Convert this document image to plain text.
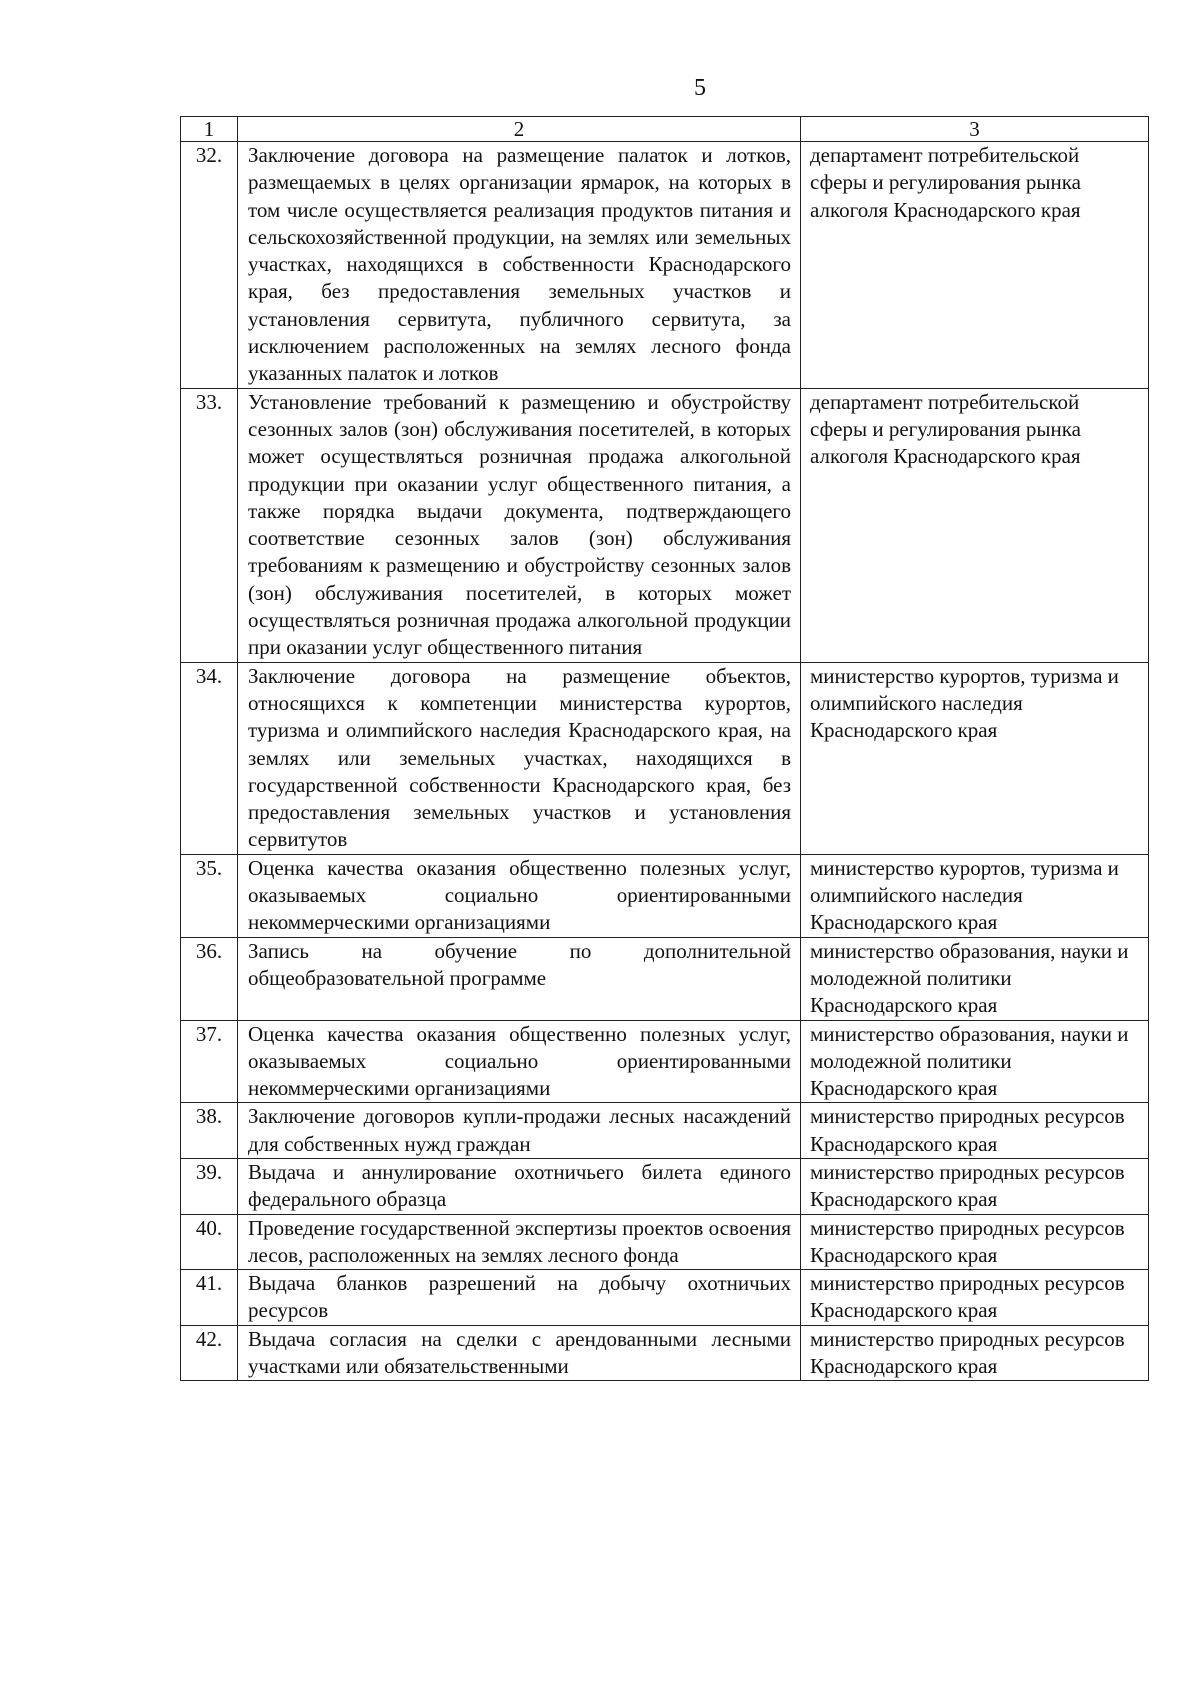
5
1	2	3
32.	Заключение договора на размещение палаток и лотков, размещаемых в целях организации ярмарок, на которых в том числе осуществляется реализация продуктов питания и сельскохозяйственной продукции, на землях или земельных участках, находящихся в собственности Краснодарского края, без предоставления земельных участков и установления сервитута, публичного сервитута, за исключением расположенных на землях лесного фонда указанных палаток и лотков	департамент потребительской сферы и регулирования рынка алкоголя Краснодарского края
33.	Установление требований к размещению и обустройству сезонных залов (зон) обслуживания посетителей, в которых может осуществляться розничная продажа алкогольной продукции при оказании услуг общественного питания, а также порядка выдачи документа, подтверждающего соответствие сезонных залов (зон) обслуживания требованиям к размещению и обустройству сезонных залов (зон) обслуживания посетителей, в которых может осуществляться розничная продажа алкогольной продукции при оказании услуг общественного питания	департамент потребительской сферы и регулирования рынка алкоголя Краснодарского края
34.	Заключение договора на размещение объектов, относящихся к компетенции министерства курортов, туризма и олимпийского наследия Краснодарского края, на землях или земельных участках, находящихся в государственной собственности Краснодарского края, без предоставления земельных участков и установления сервитутов	министерство курортов, туризма и олимпийского наследия Краснодарского края
35.	Оценка качества оказания общественно полезных услуг, оказываемых социально ориентированными некоммерческими организациями	министерство курортов, туризма и олимпийского наследия Краснодарского края
36.	Запись на обучение по дополнительной общеобразовательной программе	министерство образования, науки и молодежной политики Краснодарского края
37.	Оценка качества оказания общественно полезных услуг, оказываемых социально ориентированными некоммерческими организациями	министерство образования, науки и молодежной политики Краснодарского края
38.	Заключение договоров купли-продажи лесных насаждений для собственных нужд граждан	министерство природных ресурсов Краснодарского края
39.	Выдача и аннулирование охотничьего билета единого федерального образца	министерство природных ресурсов Краснодарского края
40.	Проведение государственной экспертизы проектов освоения лесов, расположенных на землях лесного фонда	министерство природных ресурсов Краснодарского края
41.	Выдача бланков разрешений на добычу охотничьих ресурсов	министерство природных ресурсов Краснодарского края
42.	Выдача согласия на сделки с арендованными лесными участками или обязательственными	министерство природных ресурсов Краснодарского края
